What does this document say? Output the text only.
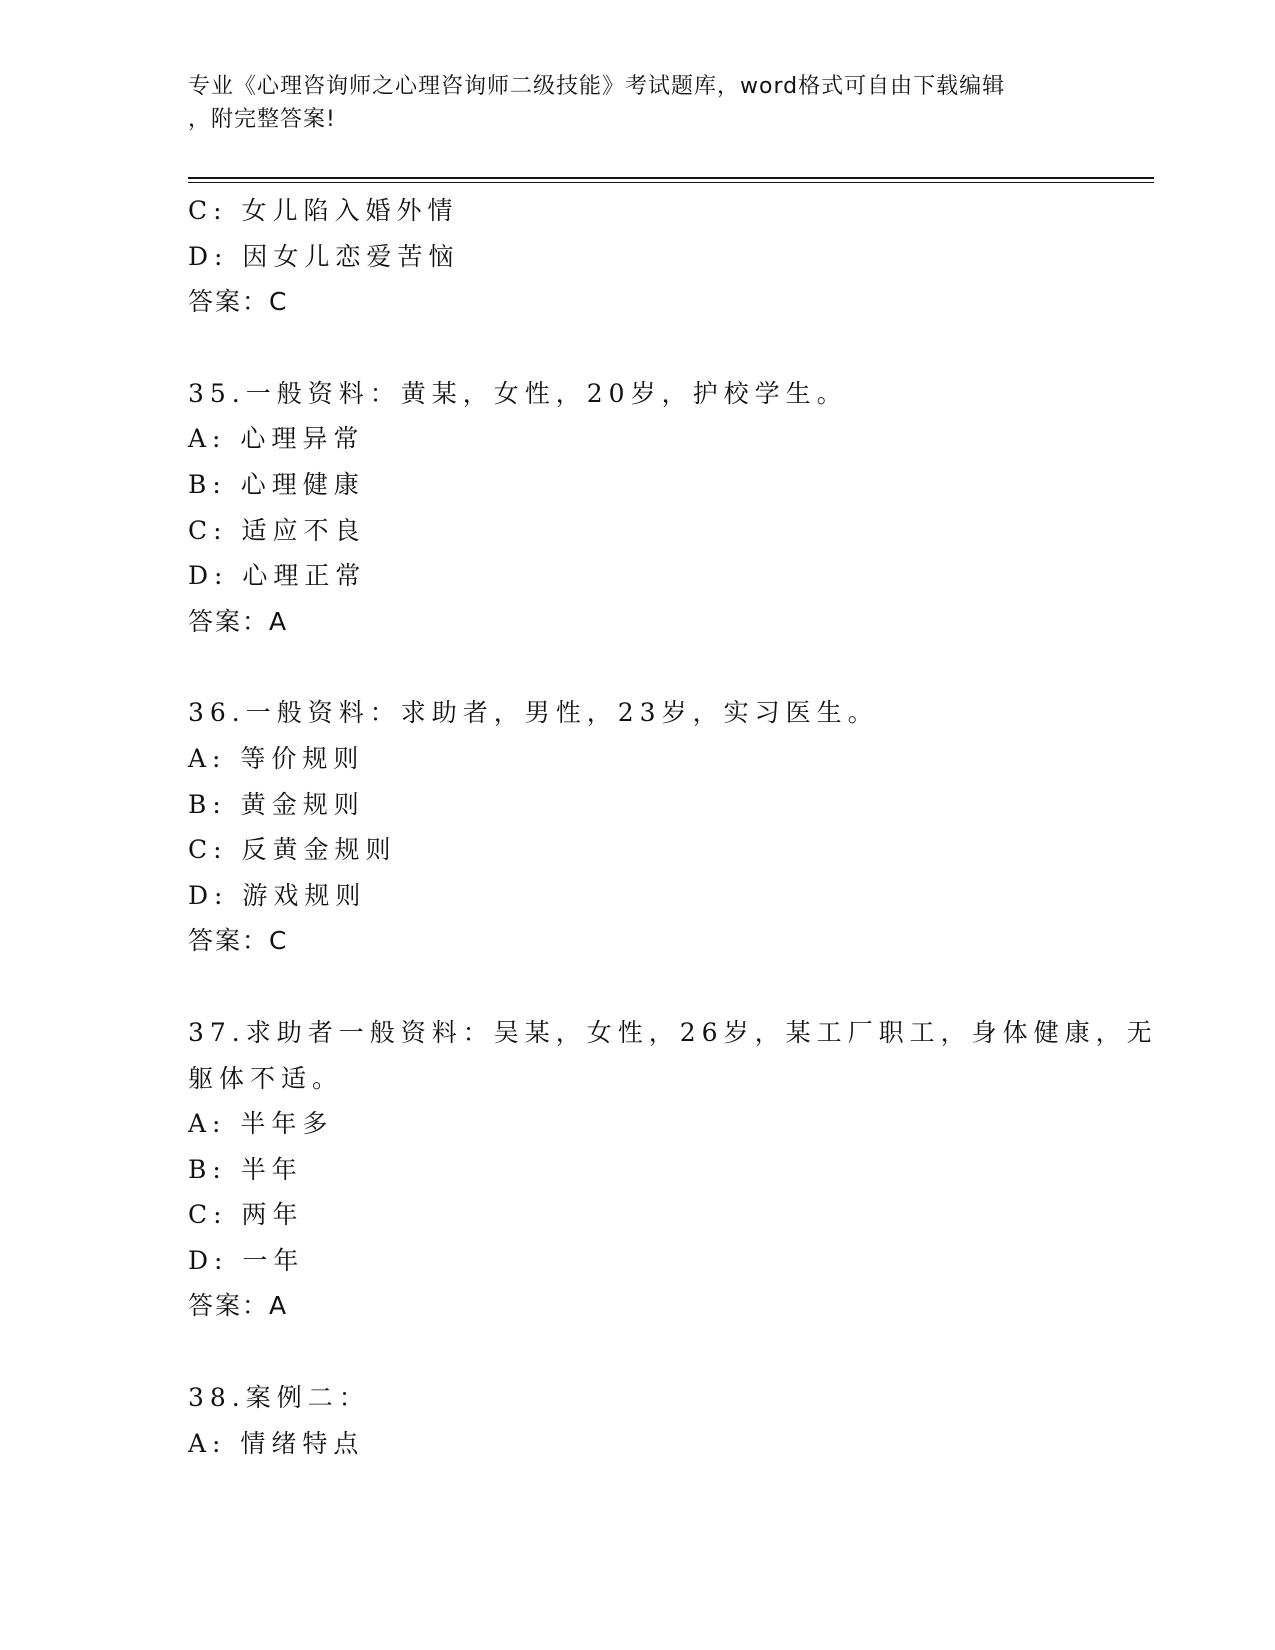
专业《心理咨询师之心理咨询师二级技能》考试题库，word格式可自由下载编辑
，附完整答案!
C: 女儿陷入婚外情
D: 因女儿恋爱苦恼
答案：C
35.一般资料：黄某，女性，20岁，护校学生。
A: 心理异常
B: 心理健康
C: 适应不良
D: 心理正常
答案：A
36.一般资料：求助者，男性，23岁，实习医生。
A: 等价规则
B: 黄金规则
C: 反黄金规则
D: 游戏规则
答案：C
37.求助者一般资料：吴某，女性，26岁，某工厂职工，身体健康，无
躯体不适。
A: 半年多
B: 半年
C: 两年
D: 一年
答案：A
38.案例二：
A: 情绪特点
